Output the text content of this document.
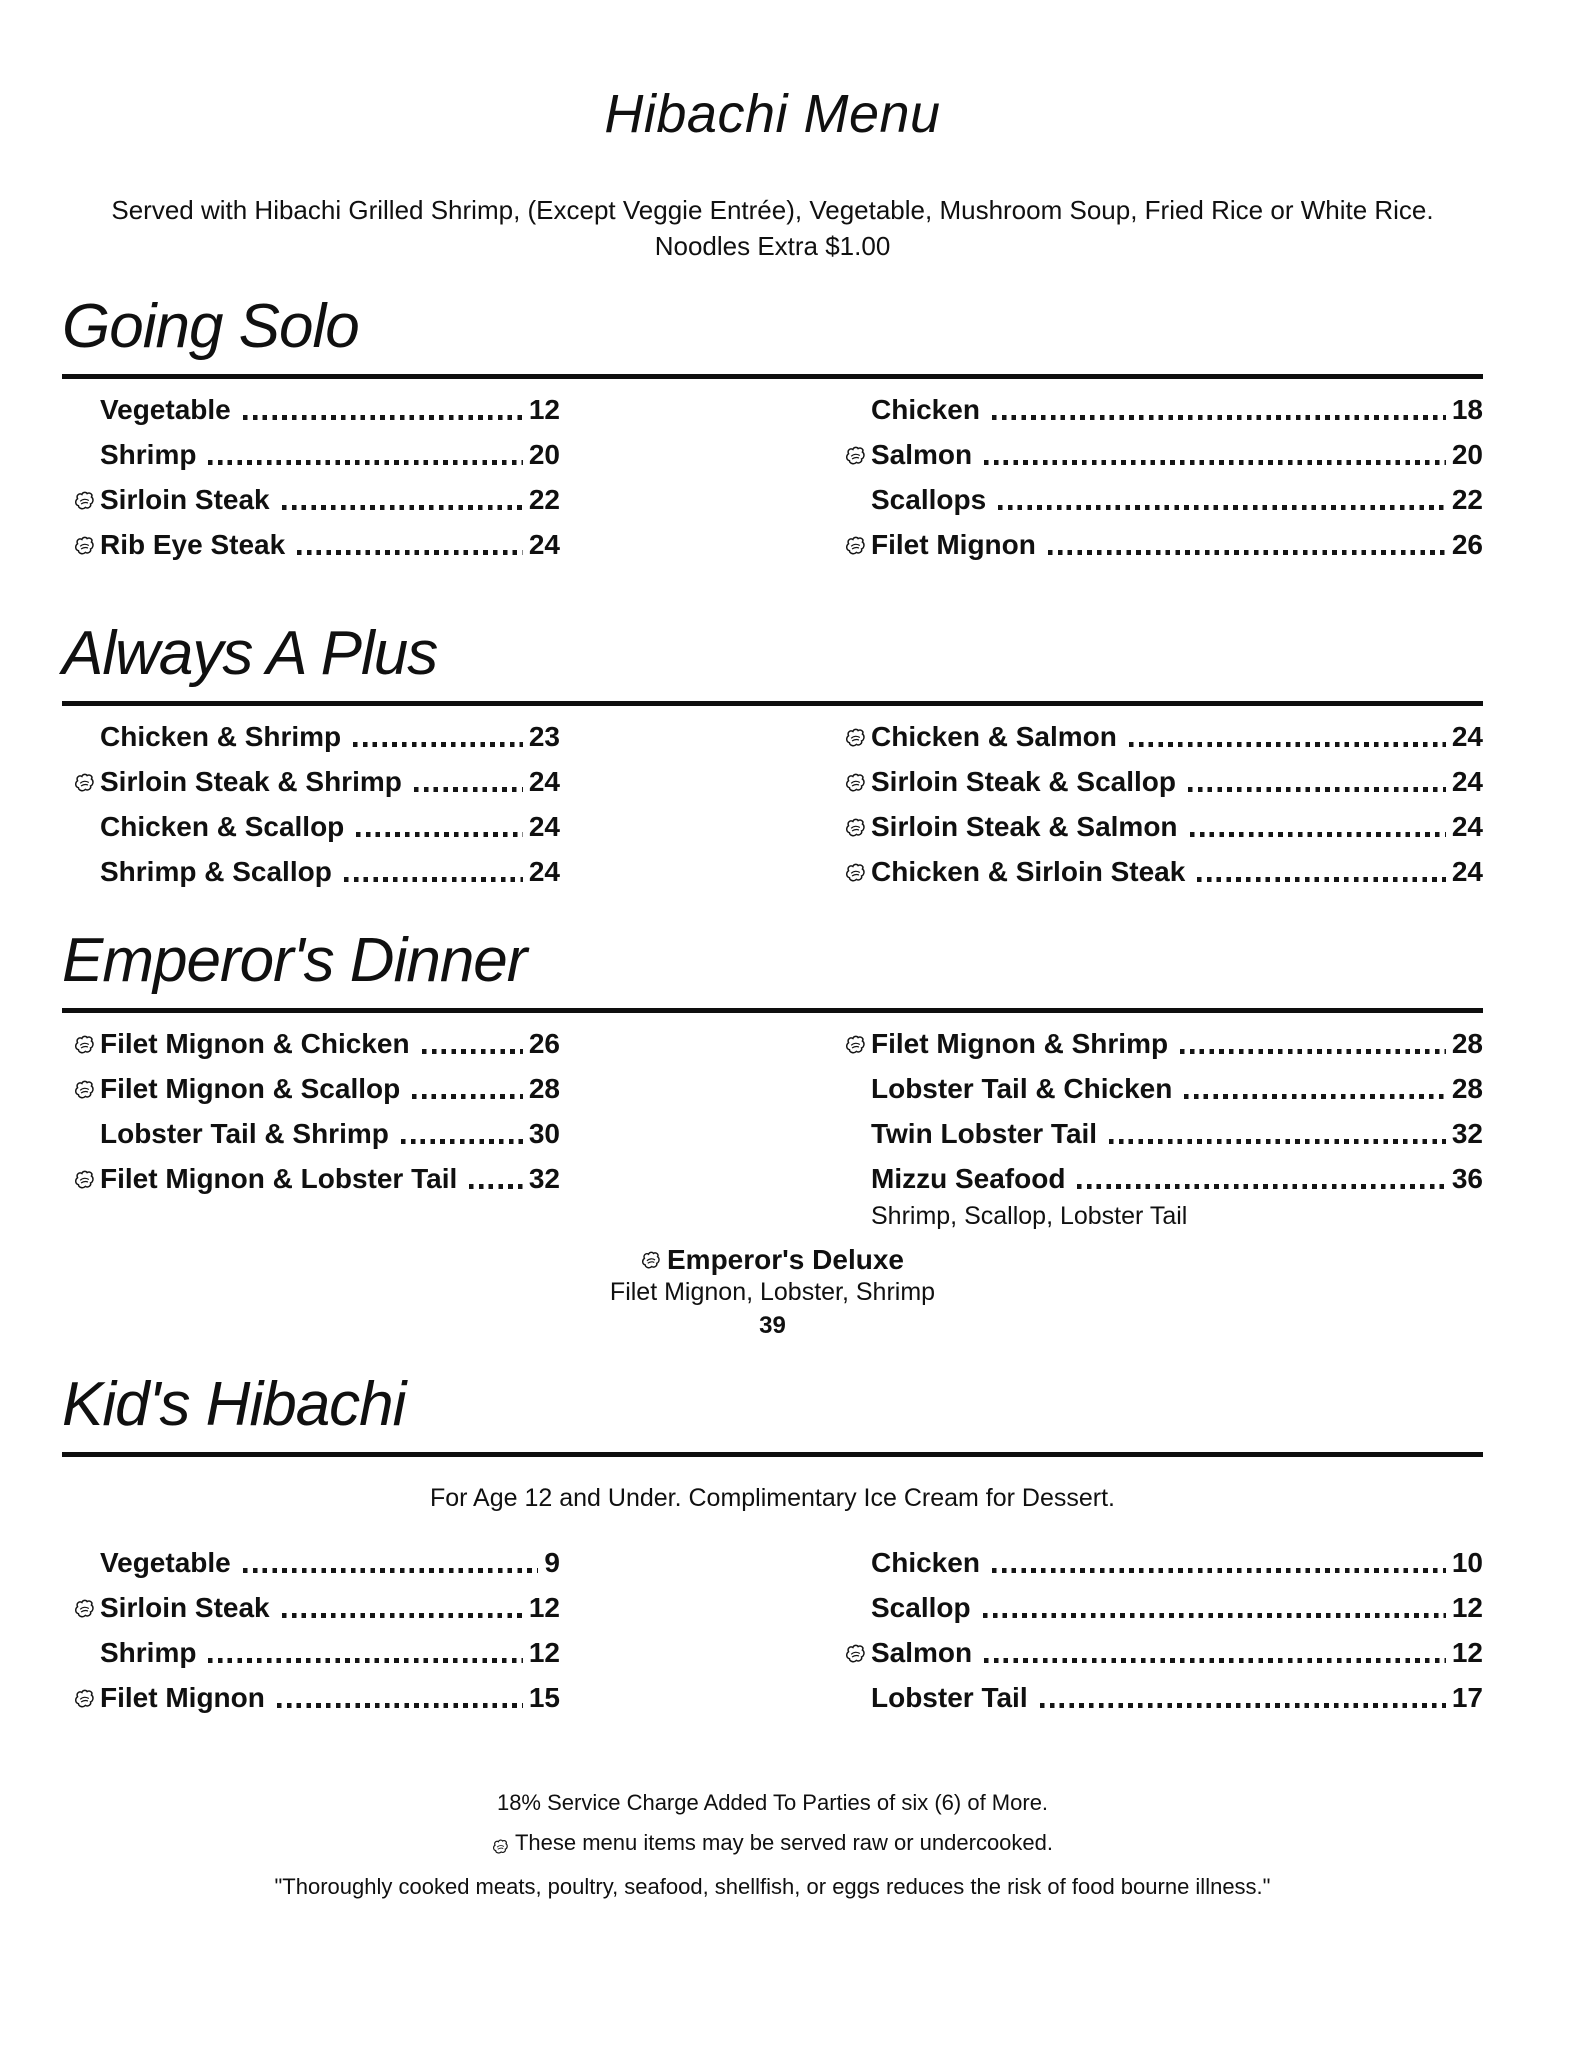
Hibachi Menu
Served with Hibachi Grilled Shrimp, (Except Veggie Entrée), Vegetable, Mushroom Soup, Fried Rice or White Rice.
Noodles Extra $1.00
Going Solo
Vegetable	12
Shrimp	20
Sirloin Steak	22
Rib Eye Steak	24
Chicken	18
Salmon	20
Scallops	22
Filet Mignon	26
Always A Plus
Chicken & Shrimp	23
Sirloin Steak & Shrimp	24
Chicken & Scallop	24
Shrimp & Scallop	24
Chicken & Salmon	24
Sirloin Steak & Scallop	24
Sirloin Steak & Salmon	24
Chicken & Sirloin Steak	24
Emperor's Dinner
Filet Mignon & Chicken	26
Filet Mignon & Scallop	28
Lobster Tail & Shrimp	30
Filet Mignon & Lobster Tail	32
Filet Mignon & Shrimp	28
Lobster Tail & Chicken	28
Twin Lobster Tail	32
Mizzu Seafood	36
Shrimp, Scallop, Lobster Tail
Emperor's Deluxe
Filet Mignon, Lobster, Shrimp
39
Kid's Hibachi
For Age 12 and Under. Complimentary Ice Cream for Dessert.
Vegetable	9
Sirloin Steak	12
Shrimp	12
Filet Mignon	15
Chicken	10
Scallop	12
Salmon	12
Lobster Tail	17
18% Service Charge Added To Parties of six (6) of More.
These menu items may be served raw or undercooked.
"Thoroughly cooked meats, poultry, seafood, shellfish, or eggs reduces the risk of food bourne illness."
